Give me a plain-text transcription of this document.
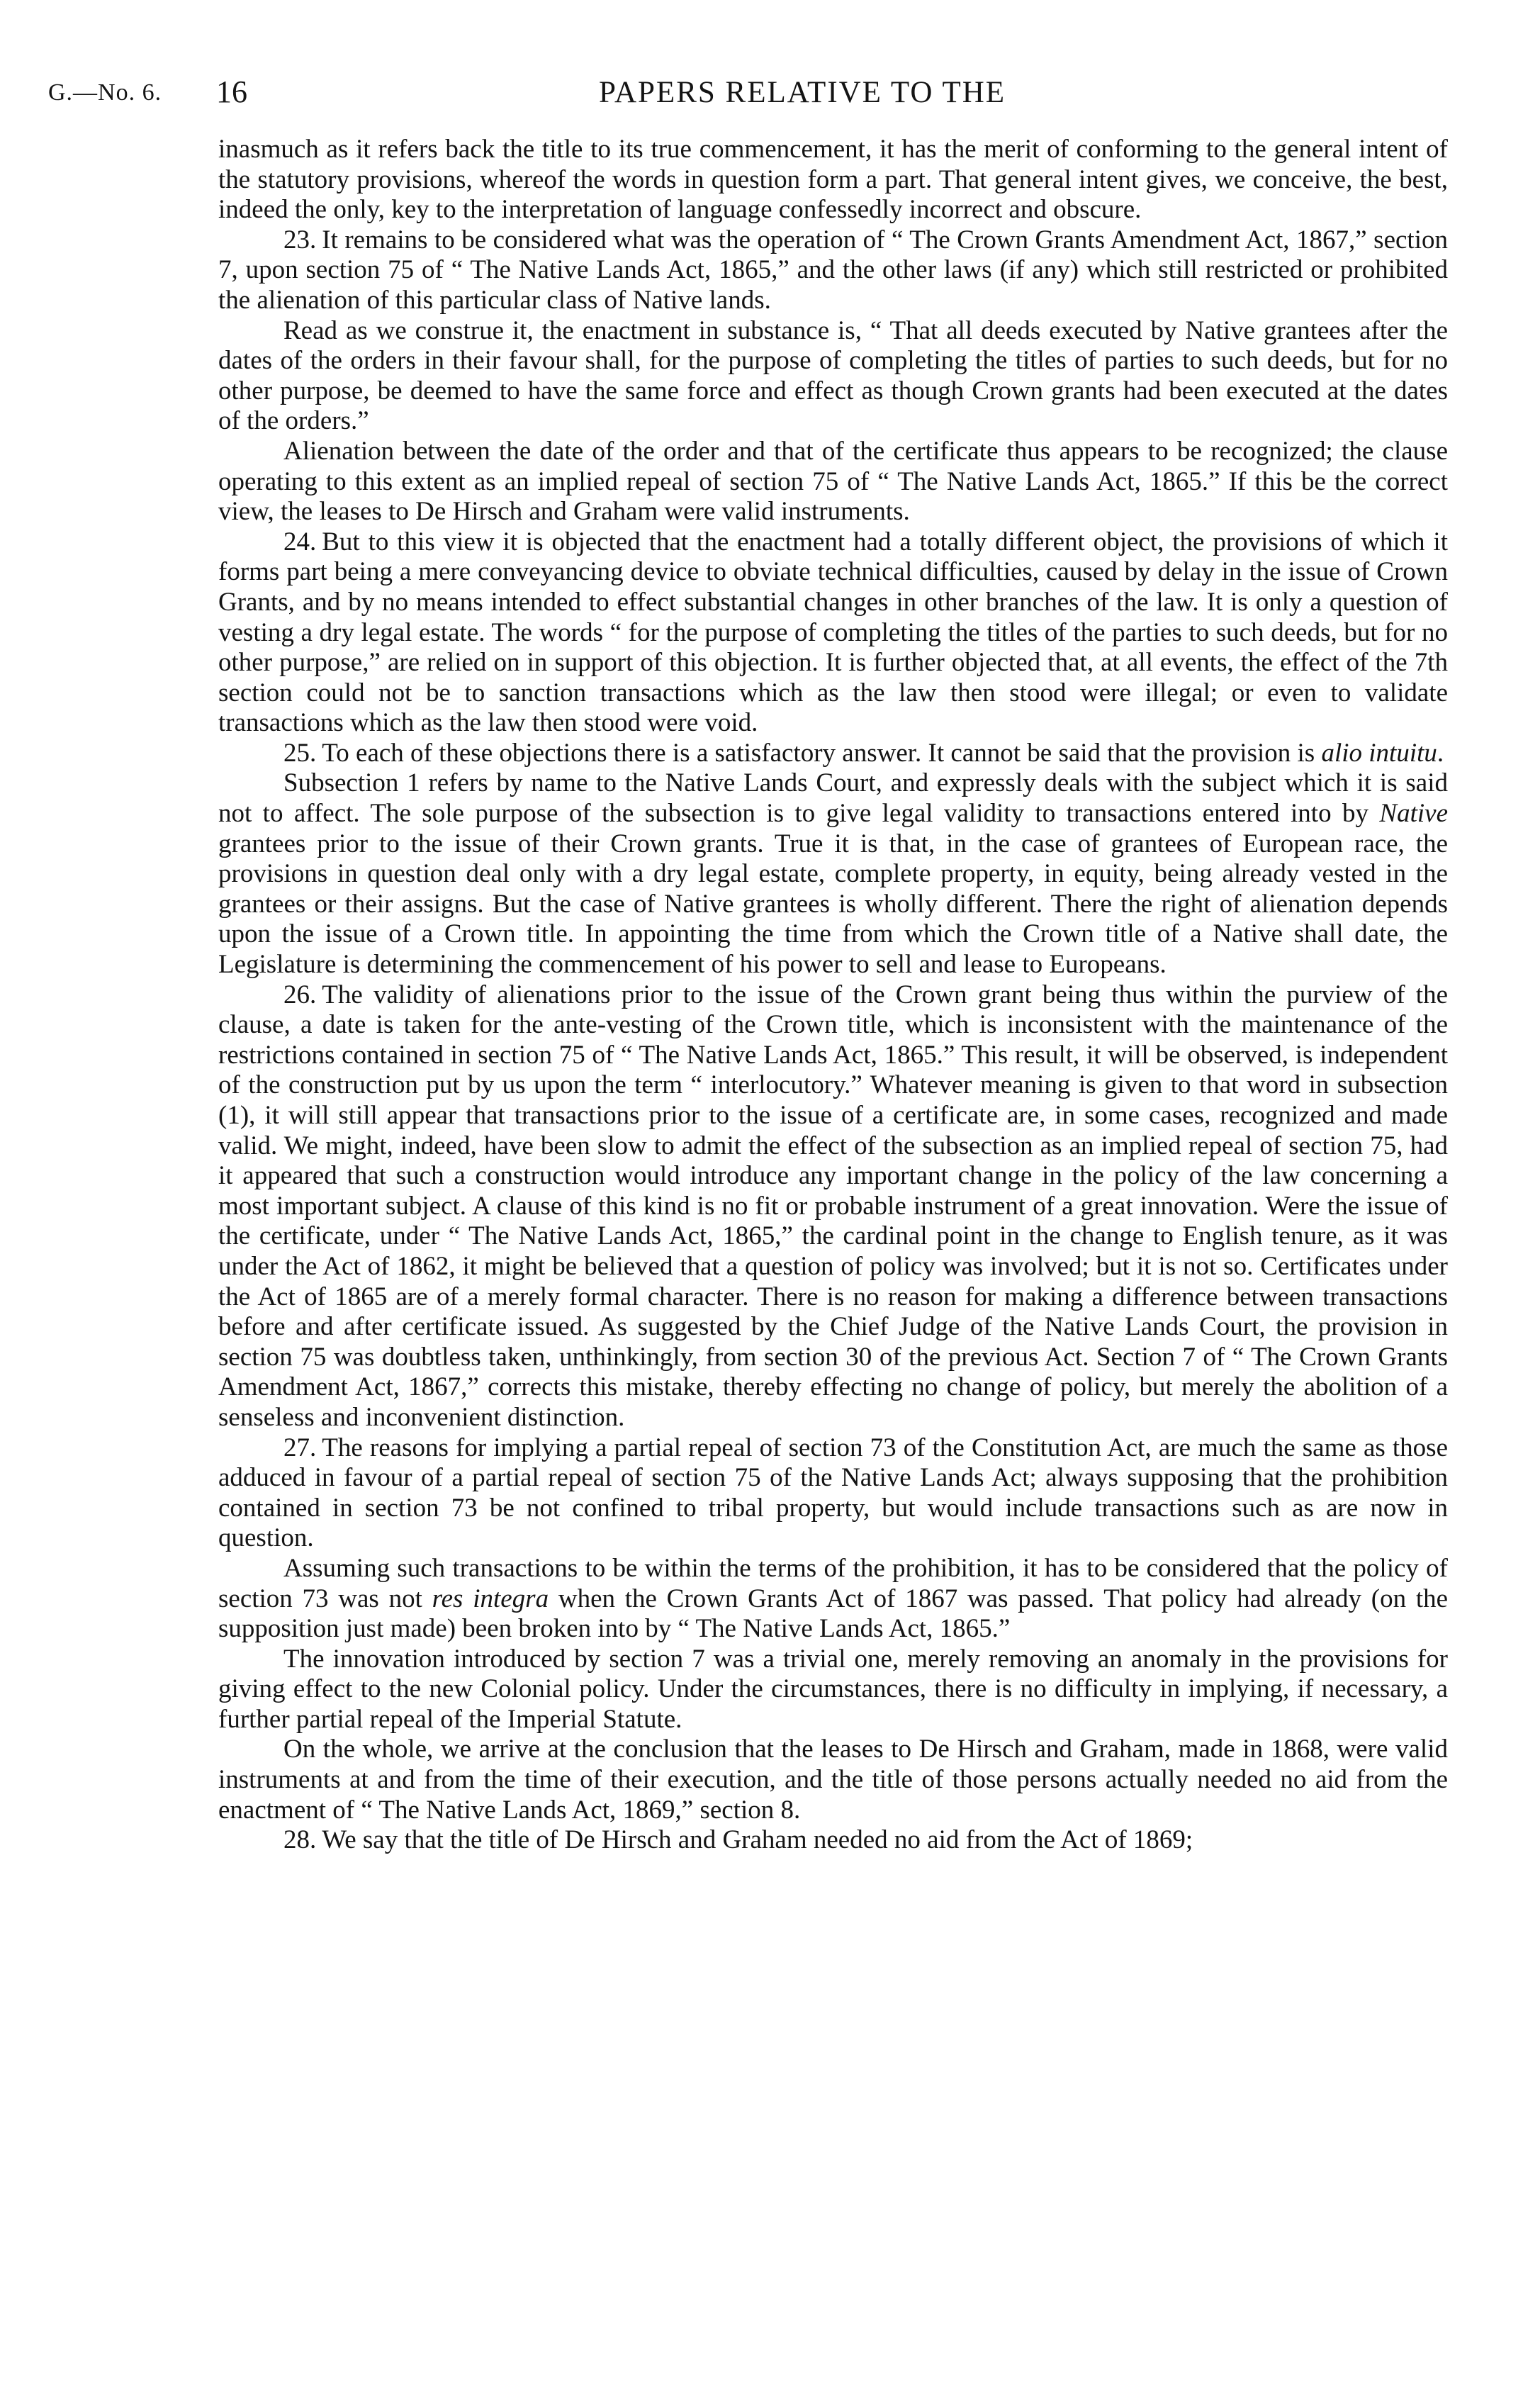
G.—No. 6. 16	PAPERS RELATIVE TO THE

inasmuch as it refers back the title to its true commencement, it has the merit of conforming to the general intent of the statutory provisions, whereof the words in question form a part. That general intent gives, we conceive, the best, indeed the only, key to the interpretation of language confessedly incorrect and obscure.

23. It remains to be considered what was the operation of “ The Crown Grants Amendment Act, 1867,” section 7, upon section 75 of “ The Native Lands Act, 1865,” and the other laws (if any) which still restricted or prohibited the alienation of this particular class of Native lands.

Read as we construe it, the enactment in substance is, “ That all deeds executed by Native grantees after the dates of the orders in their favour shall, for the purpose of completing the titles of parties to such deeds, but for no other purpose, be deemed to have the same force and effect as though Crown grants had been executed at the dates of the orders.”

Alienation between the date of the order and that of the certificate thus appears to be recognized; the clause operating to this extent as an implied repeal of section 75 of “ The Native Lands Act, 1865.” If this be the correct view, the leases to De Hirsch and Graham were valid instruments.

24. But to this view it is objected that the enactment had a totally different object, the provisions of which it forms part being a mere conveyancing device to obviate technical difficulties, caused by delay in the issue of Crown Grants, and by no means intended to effect substantial changes in other branches of the law. It is only a question of vesting a dry legal estate. The words “ for the purpose of completing the titles of the parties to such deeds, but for no other purpose,” are relied on in support of this objection. It is further objected that, at all events, the effect of the 7th section could not be to sanction transactions which as the law then stood were illegal; or even to validate transactions which as the law then stood were void.

25. To each of these objections there is a satisfactory answer. It cannot be said that the provision is alio intuitu.

Subsection 1 refers by name to the Native Lands Court, and expressly deals with the subject which it is said not to affect. The sole purpose of the subsection is to give legal validity to transactions entered into by Native grantees prior to the issue of their Crown grants. True it is that, in the case of grantees of European race, the provisions in question deal only with a dry legal estate, complete property, in equity, being already vested in the grantees or their assigns. But the case of Native grantees is wholly different. There the right of alienation depends upon the issue of a Crown title. In appointing the time from which the Crown title of a Native shall date, the Legislature is determining the commencement of his power to sell and lease to Europeans.

26. The validity of alienations prior to the issue of the Crown grant being thus within the purview of the clause, a date is taken for the ante-vesting of the Crown title, which is inconsistent with the maintenance of the restrictions contained in section 75 of “ The Native Lands Act, 1865.” This result, it will be observed, is independent of the construction put by us upon the term “ interlocutory.” Whatever meaning is given to that word in subsection (1), it will still appear that transactions prior to the issue of a certificate are, in some cases, recognized and made valid. We might, indeed, have been slow to admit the effect of the subsection as an implied repeal of section 75, had it appeared that such a construction would introduce any important change in the policy of the law concerning a most important subject. A clause of this kind is no fit or probable instrument of a great innovation. Were the issue of the certificate, under “ The Native Lands Act, 1865,” the cardinal point in the change to English tenure, as it was under the Act of 1862, it might be believed that a question of policy was involved; but it is not so. Certificates under the Act of 1865 are of a merely formal character. There is no reason for making a difference between transactions before and after certificate issued. As suggested by the Chief Judge of the Native Lands Court, the provision in section 75 was doubtless taken, unthinkingly, from section 30 of the previous Act. Section 7 of “ The Crown Grants Amendment Act, 1867,” corrects this mistake, thereby effecting no change of policy, but merely the abolition of a senseless and inconvenient distinction.

27. The reasons for implying a partial repeal of section 73 of the Constitution Act, are much the same as those adduced in favour of a partial repeal of section 75 of the Native Lands Act; always supposing that the prohibition contained in section 73 be not confined to tribal property, but would include transactions such as are now in question.

Assuming such transactions to be within the terms of the prohibition, it has to be considered that the policy of section 73 was not res integra when the Crown Grants Act of 1867 was passed. That policy had already (on the supposition just made) been broken into by “ The Native Lands Act, 1865.”

The innovation introduced by section 7 was a trivial one, merely removing an anomaly in the provisions for giving effect to the new Colonial policy. Under the circumstances, there is no difficulty in implying, if necessary, a further partial repeal of the Imperial Statute.

On the whole, we arrive at the conclusion that the leases to De Hirsch and Graham, made in 1868, were valid instruments at and from the time of their execution, and the title of those persons actually needed no aid from the enactment of “ The Native Lands Act, 1869,” section 8.

28. We say that the title of De Hirsch and Graham needed no aid from the Act of 1869;
